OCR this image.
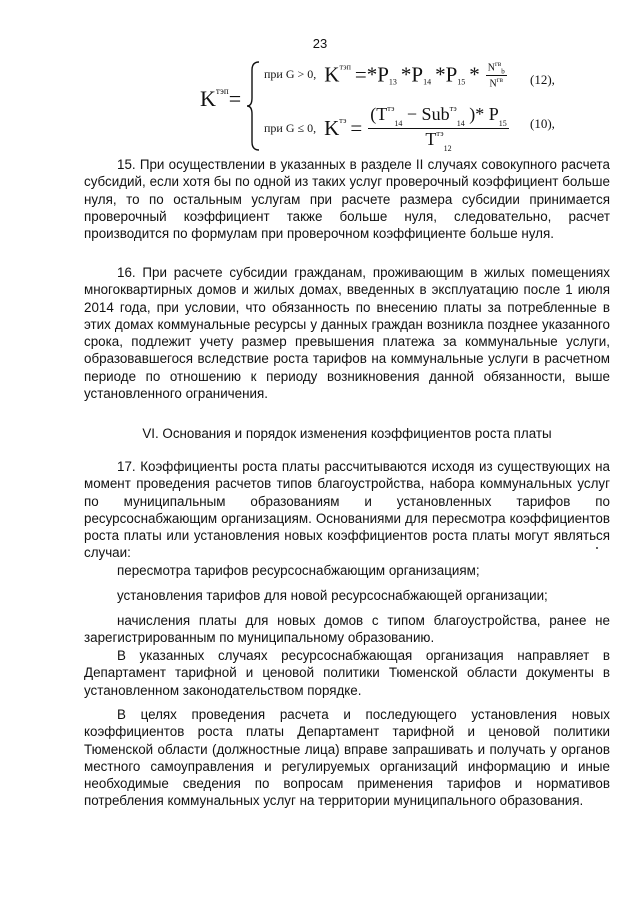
23
$K^{тэп}=$
при G > 0, $K^{тэп} =*P_{13}$ $*P_{14}$ $*P_{15} * \frac{N^{гв}_b}{N^{гв}} (12)$,
при G ≤ 0, $K^{тэ} = \frac{(T^{тэ}_{14} - Sub^{тэ}_{14} )* P_{15}}{T^{тэ}_{12}} (10)$,

15. При осуществлении в указанных в разделе II случаях совокупного расчета субсидий, если хотя бы по одной из таких услуг проверочный коэффициент больше нуля, то по остальным услугам при расчете размера субсидии принимается проверочный коэффициент также больше нуля, следовательно, расчет производится по формулам при проверочном коэффициенте больше нуля.

16. При расчете субсидии гражданам, проживающим в жилых помещениях многоквартирных домов и жилых домах, введенных в эксплуатацию после 1 июля 2014 года, при условии, что обязанность по внесению платы за потребленные в этих домах коммунальные ресурсы у данных граждан возникла позднее указанного срока, подлежит учету размер превышения платежа за коммунальные услуги, образовавшегося вследствие роста тарифов на коммунальные услуги в расчетном периоде по отношению к периоду возникновения данной обязанности, выше установленного ограничения.

VI. Основания и порядок изменения коэффициентов роста платы

17. Коэффициенты роста платы рассчитываются исходя из существующих на момент проведения расчетов типов благоустройства, набора коммунальных услуг по муниципальным образованиям и установленных тарифов по ресурсоснабжающим организациям. Основаниями для пересмотра коэффициентов роста платы или установления новых коэффициентов роста платы могут являться случаи:

пересмотра тарифов ресурсоснабжающим организациям;

установления тарифов для новой ресурсоснабжающей организации;

начисления платы для новых домов с типом благоустройства, ранее не зарегистрированным по муниципальному образованию.

В указанных случаях ресурсоснабжающая организация направляет в Департамент тарифной и ценовой политики Тюменской области документы в установленном законодательством порядке.

В целях проведения расчета и последующего установления новых коэффициентов роста платы Департамент тарифной и ценовой политики Тюменской области (должностные лица) вправе запрашивать и получать у органов местного самоуправления и регулируемых организаций информацию и иные необходимые сведения по вопросам применения тарифов и нормативов потребления коммунальных услуг на территории муниципального образования.
